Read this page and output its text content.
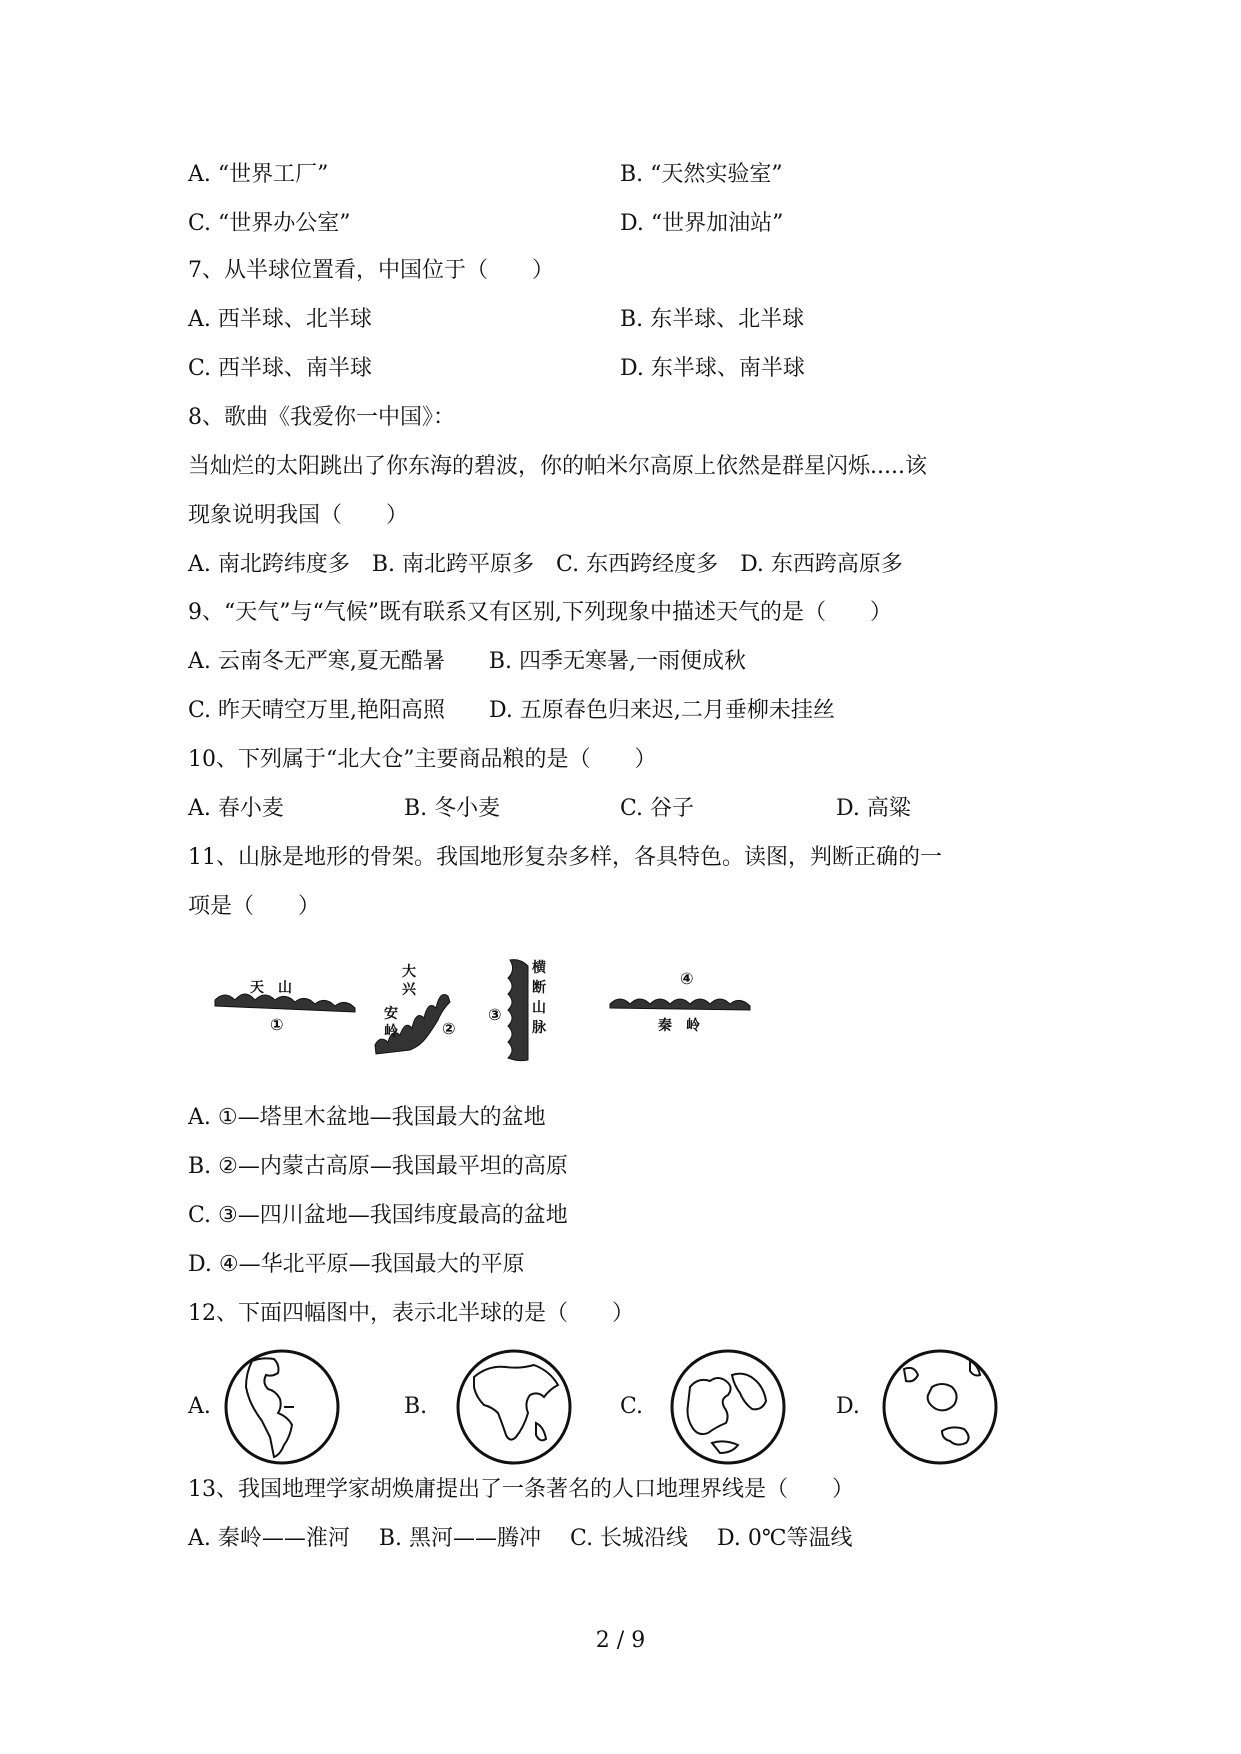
A. “世界工厂”	B. “天然实验室”
C. “世界办公室”	D. “世界加油站”
7、从半球位置看，中国位于（　　）
A. 西半球、北半球	B. 东半球、北半球
C. 西半球、南半球	D. 东半球、南半球
8、歌曲《我爱你一中国》：
当灿烂的太阳跳出了你东海的碧波，你的帕米尔高原上依然是群星闪烁.....该
现象说明我国（　　）
A. 南北跨纬度多　B. 南北跨平原多　C. 东西跨经度多　D. 东西跨高原多
9、“天气”与“气候”既有联系又有区别,下列现象中描述天气的是（　　）
A. 云南冬无严寒,夏无酷暑　　B. 四季无寒暑,一雨便成秋
C. 昨天晴空万里,艳阳高照　　D. 五原春色归来迟,二月垂柳未挂丝
10、下列属于“北大仓”主要商品粮的是（　　）
A. 春小麦	B. 冬小麦	C. 谷子	D. 高粱
11、山脉是地形的骨架。我国地形复杂多样，各具特色。读图，判断正确的一
项是（　　）
天　山
①
大
兴
安
岭	②
横
断
山
脉
③
④
秦　岭
A. ①—塔里木盆地—我国最大的盆地
B. ②—内蒙古高原—我国最平坦的高原
C. ③—四川盆地—我国纬度最高的盆地
D. ④—华北平原—我国最大的平原
12、下面四幅图中，表示北半球的是（　　）
A.	B.	C.	D.
13、我国地理学家胡焕庸提出了一条著名的人口地理界线是（　　）
A. 秦岭——淮河　 B. 黑河——腾冲　 C. 长城沿线　 D. 0℃等温线
2 / 9
